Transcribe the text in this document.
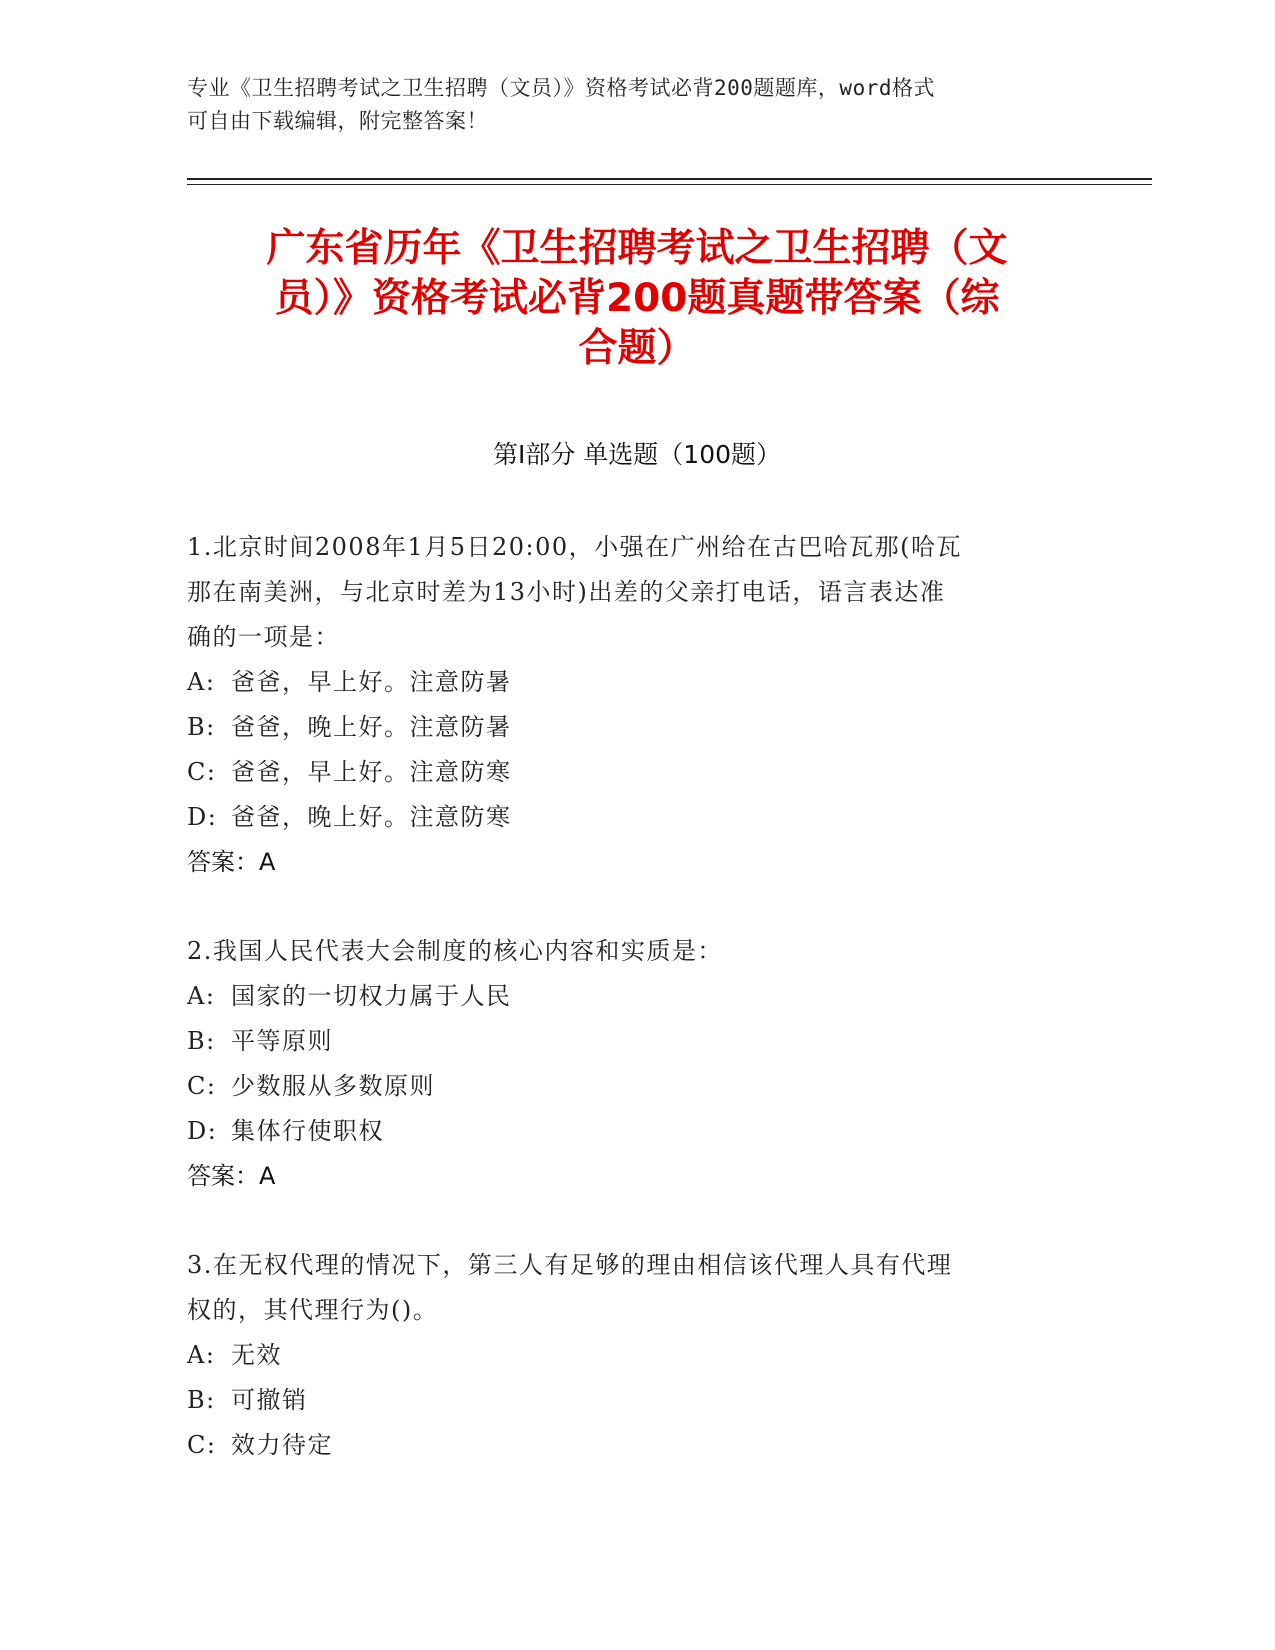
专业《卫生招聘考试之卫生招聘（文员）》资格考试必背200题题库，word格式
可自由下载编辑，附完整答案！
广东省历年《卫生招聘考试之卫生招聘（文
员）》资格考试必背200题真题带答案（综
合题）
第Ⅰ部分 单选题（100题）
1.北京时间2008年1月5日20:00，小强在广州给在古巴哈瓦那(哈瓦
那在南美洲，与北京时差为13小时)出差的父亲打电话，语言表达准
确的一项是：
A: 爸爸，早上好。注意防暑
B: 爸爸，晚上好。注意防暑
C: 爸爸，早上好。注意防寒
D: 爸爸，晚上好。注意防寒
答案：A
2.我国人民代表大会制度的核心内容和实质是：
A: 国家的一切权力属于人民
B: 平等原则
C: 少数服从多数原则
D: 集体行使职权
答案：A
3.在无权代理的情况下，第三人有足够的理由相信该代理人具有代理
权的，其代理行为()。
A: 无效
B: 可撤销
C: 效力待定
